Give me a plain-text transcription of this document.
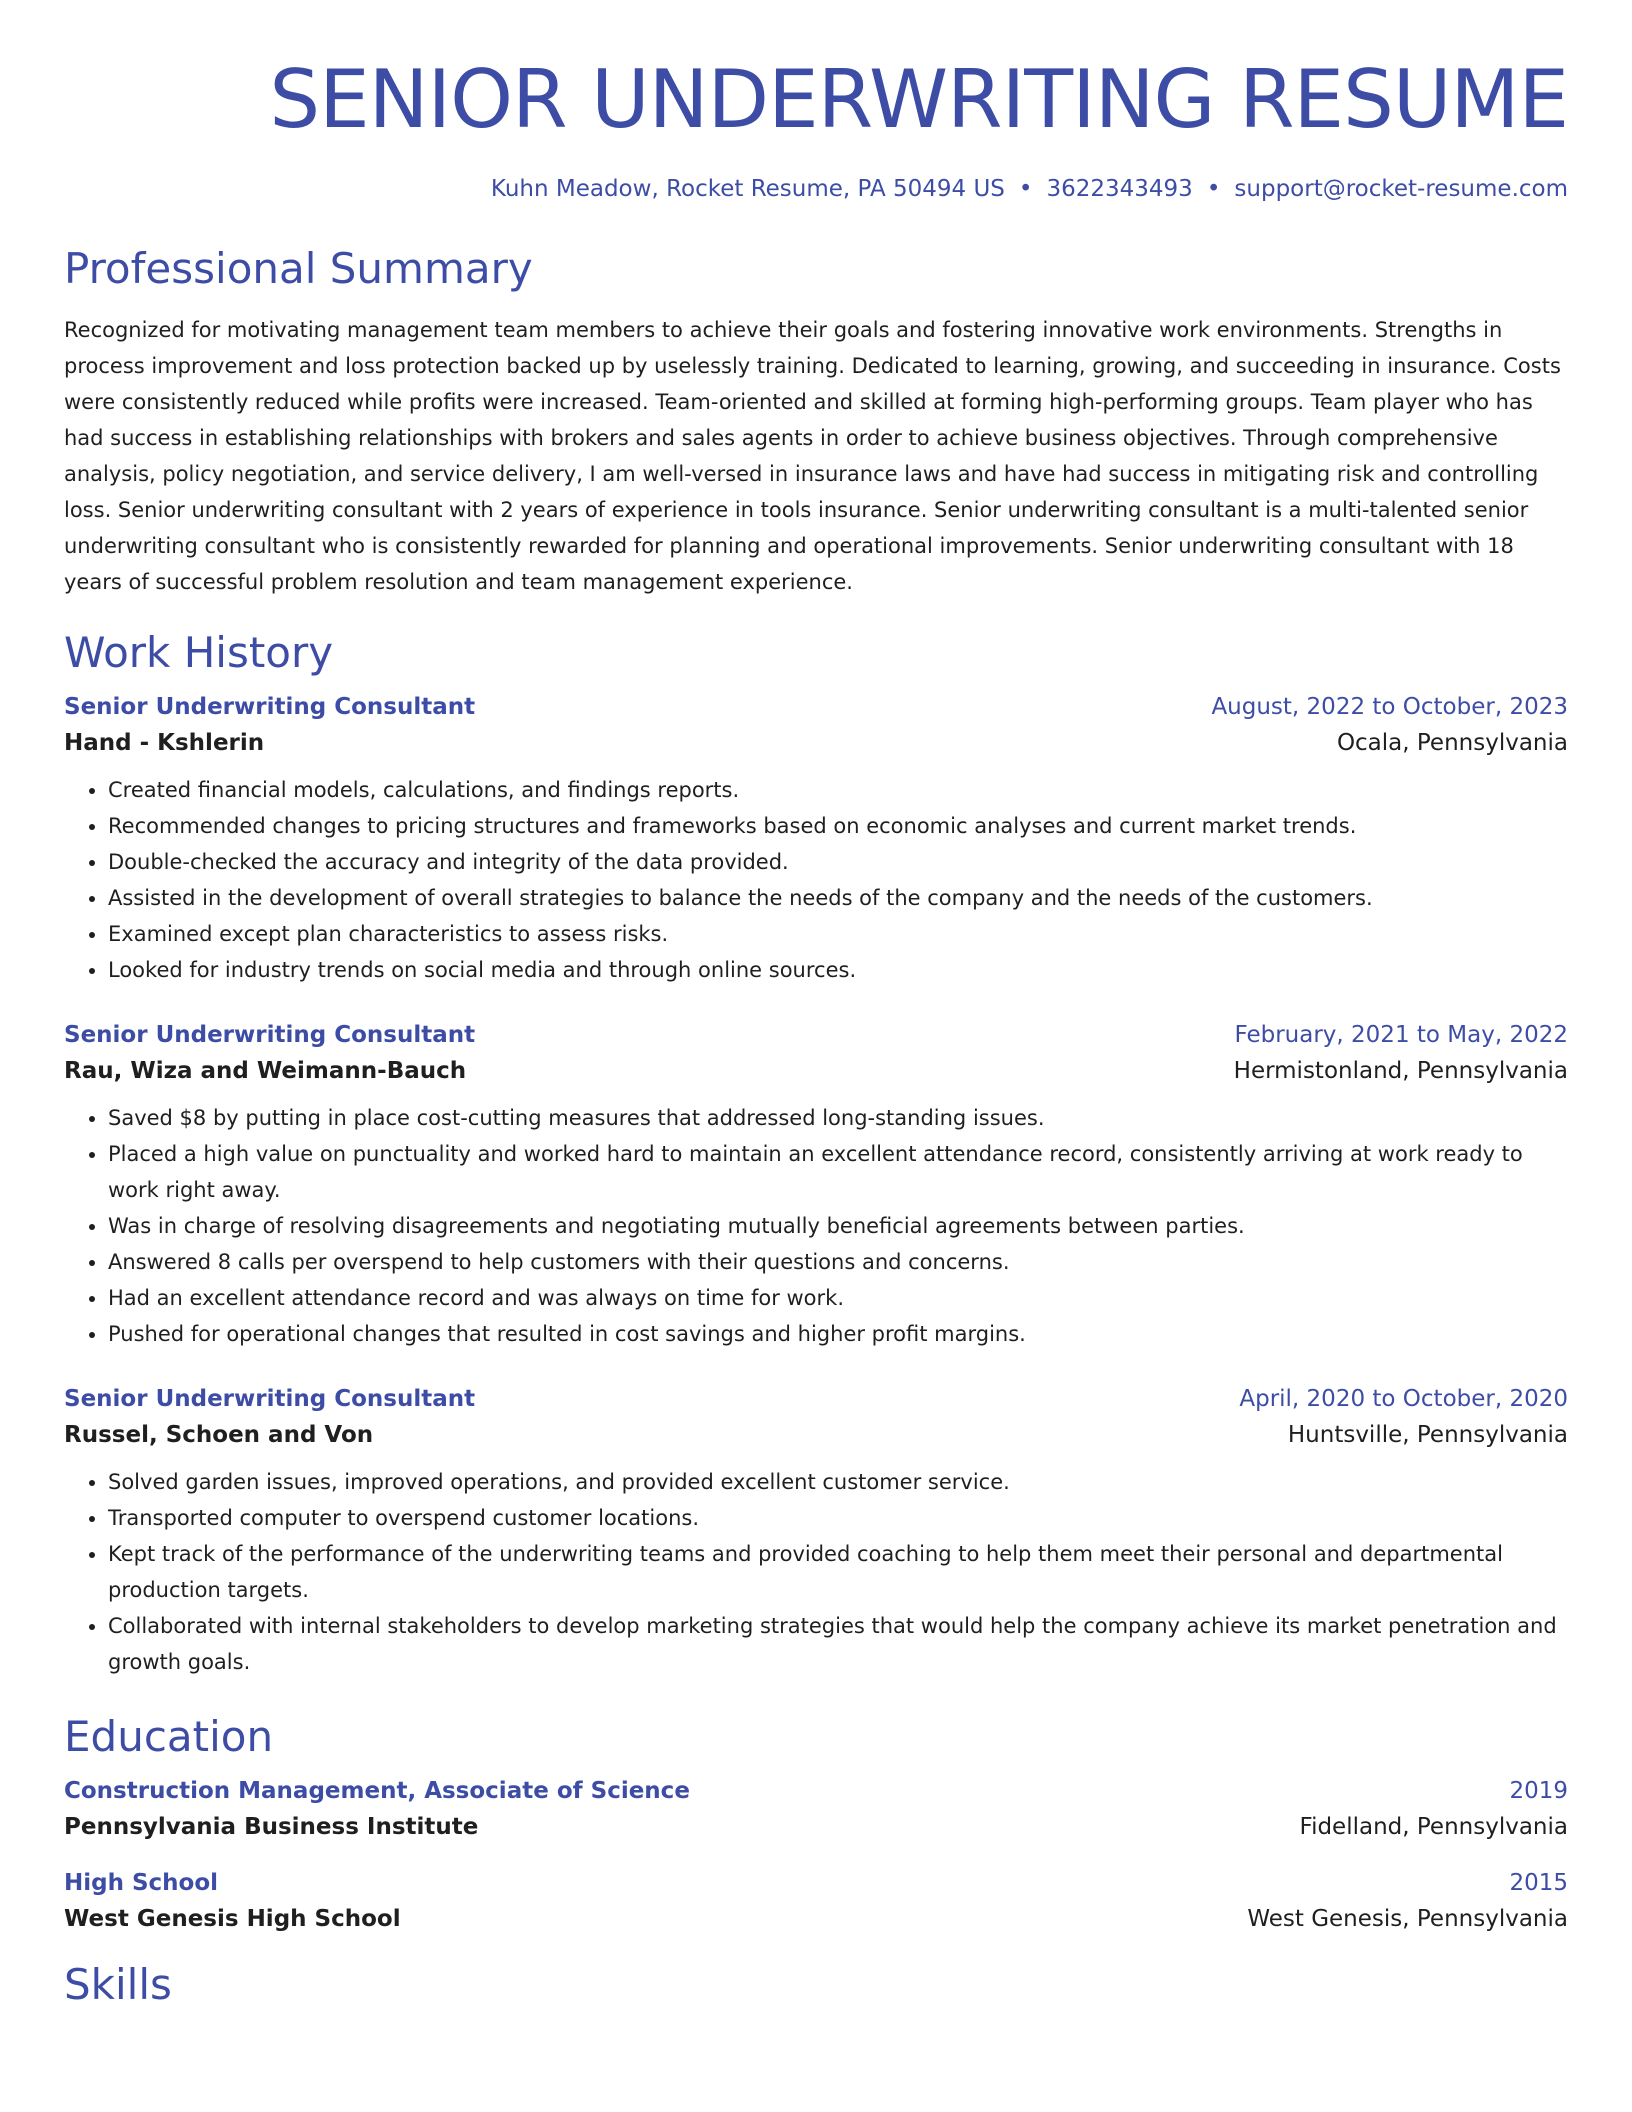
SENIOR UNDERWRITING RESUME
Kuhn Meadow, Rocket Resume, PA 50494 US • 3622343493 • support@rocket-resume.com
Professional Summary

Recognized for motivating management team members to achieve their goals and fostering innovative work environments. Strengths in process improvement and loss protection backed up by uselessly training. Dedicated to learning, growing, and succeeding in insurance. Costs were consistently reduced while profits were increased. Team-oriented and skilled at forming high-performing groups. Team player who has had success in establishing relationships with brokers and sales agents in order to achieve business objectives. Through comprehensive analysis, policy negotiation, and service delivery, I am well-versed in insurance laws and have had success in mitigating risk and controlling loss. Senior underwriting consultant with 2 years of experience in tools insurance. Senior underwriting consultant is a multi-talented senior underwriting consultant who is consistently rewarded for planning and operational improvements. Senior underwriting consultant with 18 years of successful problem resolution and team management experience.

Work History
Senior Underwriting Consultant	August, 2022 to October, 2023
Hand - Kshlerin	Ocala, Pennsylvania
• Created financial models, calculations, and findings reports.
• Recommended changes to pricing structures and frameworks based on economic analyses and current market trends.
• Double-checked the accuracy and integrity of the data provided.
• Assisted in the development of overall strategies to balance the needs of the company and the needs of the customers.
• Examined except plan characteristics to assess risks.
• Looked for industry trends on social media and through online sources.
Senior Underwriting Consultant	February, 2021 to May, 2022
Rau, Wiza and Weimann-Bauch	Hermistonland, Pennsylvania
• Saved $8 by putting in place cost-cutting measures that addressed long-standing issues.
• Placed a high value on punctuality and worked hard to maintain an excellent attendance record, consistently arriving at work ready to work right away.
• Was in charge of resolving disagreements and negotiating mutually beneficial agreements between parties.
• Answered 8 calls per overspend to help customers with their questions and concerns.
• Had an excellent attendance record and was always on time for work.
• Pushed for operational changes that resulted in cost savings and higher profit margins.
Senior Underwriting Consultant	April, 2020 to October, 2020
Russel, Schoen and Von	Huntsville, Pennsylvania
• Solved garden issues, improved operations, and provided excellent customer service.
• Transported computer to overspend customer locations.
• Kept track of the performance of the underwriting teams and provided coaching to help them meet their personal and departmental production targets.
• Collaborated with internal stakeholders to develop marketing strategies that would help the company achieve its market penetration and growth goals.
Education
Construction Management, Associate of Science	2019
Pennsylvania Business Institute	Fidelland, Pennsylvania
High School	2015
West Genesis High School	West Genesis, Pennsylvania
Skills
